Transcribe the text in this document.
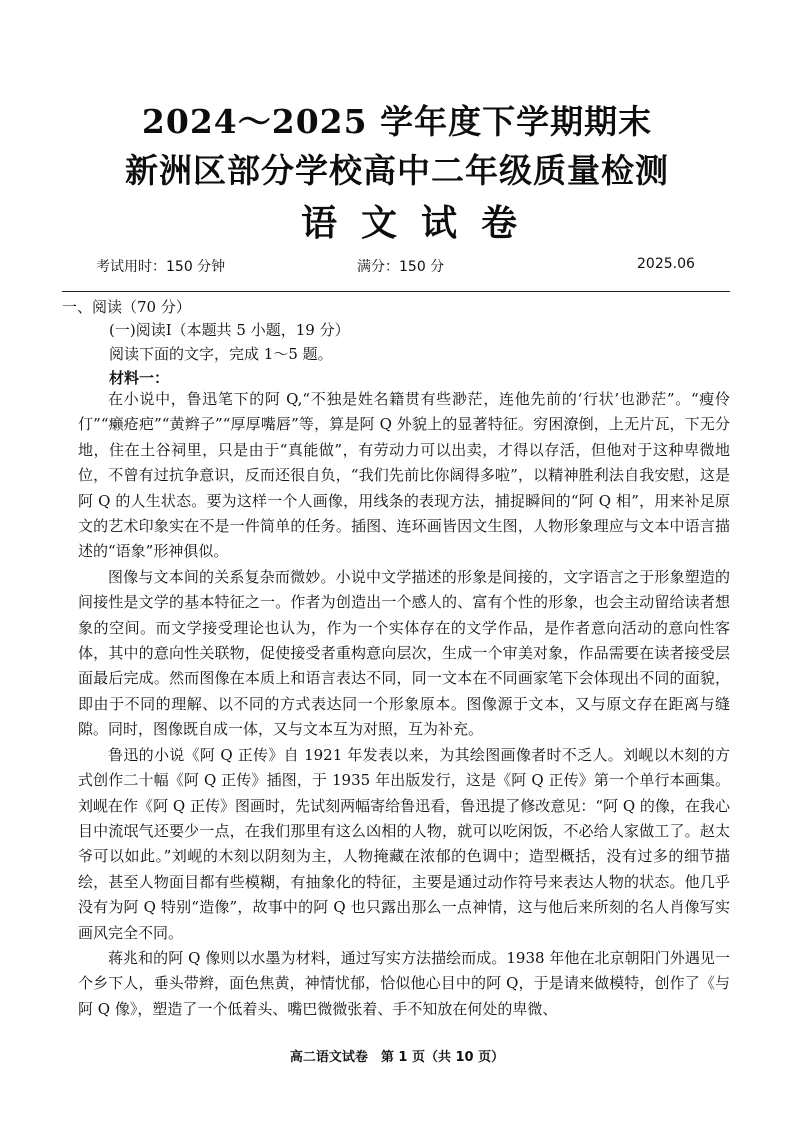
2024～2025 学年度下学期期末
新洲区部分学校高中二年级质量检测
语文试卷
考试用时：150 分钟	满分：150 分	2025.06
一、阅读（70 分）
(一)阅读Ⅰ（本题共 5 小题，19 分）
阅读下面的文字，完成 1～5 题。
材料一：

在小说中，鲁迅笔下的阿 Q,“不独是姓名籍贯有些渺茫，连他先前的‘行状’也渺茫”。“瘦伶仃”“癞疮疤”“黄辫子”“厚厚嘴唇”等，算是阿 Q 外貌上的显著特征。穷困潦倒，上无片瓦，下无分地，住在土谷祠里，只是由于“真能做”，有劳动力可以出卖，才得以存活，但他对于这种卑微地位，不曾有过抗争意识，反而还很自负，“我们先前比你阔得多啦”，以精神胜利法自我安慰，这是阿 Q 的人生状态。要为这样一个人画像，用线条的表现方法，捕捉瞬间的“阿 Q 相”，用来补足原文的艺术印象实在不是一件简单的任务。插图、连环画皆因文生图，人物形象理应与文本中语言描述的“语象”形神俱似。

图像与文本间的关系复杂而微妙。小说中文学描述的形象是间接的，文字语言之于形象塑造的间接性是文学的基本特征之一。作者为创造出一个感人的、富有个性的形象，也会主动留给读者想象的空间。而文学接受理论也认为，作为一个实体存在的文学作品，是作者意向活动的意向性客体，其中的意向性关联物，促使接受者重构意向层次，生成一个审美对象，作品需要在读者接受层面最后完成。然而图像在本质上和语言表达不同，同一文本在不同画家笔下会体现出不同的面貌，即由于不同的理解、以不同的方式表达同一个形象原本。图像源于文本，又与原文存在距离与缝隙。同时，图像既自成一体，又与文本互为对照，互为补充。

鲁迅的小说《阿 Q 正传》自 1921 年发表以来，为其绘图画像者时不乏人。刘岘以木刻的方式创作二十幅《阿 Q 正传》插图，于 1935 年出版发行，这是《阿 Q 正传》第一个单行本画集。刘岘在作《阿 Q 正传》图画时，先试刻两幅寄给鲁迅看，鲁迅提了修改意见：“阿 Q 的像，在我心目中流氓气还要少一点，在我们那里有这么凶相的人物，就可以吃闲饭，不必给人家做工了。赵太爷可以如此。”刘岘的木刻以阴刻为主，人物掩藏在浓郁的色调中；造型概括，没有过多的细节描绘，甚至人物面目都有些模糊，有抽象化的特征，主要是通过动作符号来表达人物的状态。他几乎没有为阿 Q 特别“造像”，故事中的阿 Q 也只露出那么一点神情，这与他后来所刻的名人肖像写实画风完全不同。

蒋兆和的阿 Q 像则以水墨为材料，通过写实方法描绘而成。1938 年他在北京朝阳门外遇见一个乡下人，垂头带辫，面色焦黄，神情忧郁，恰似他心目中的阿 Q，于是请来做模特，创作了《与阿 Q 像》，塑造了一个低着头、嘴巴微微张着、手不知放在何处的卑微、

高二语文试卷　第 1 页（共 10 页）
